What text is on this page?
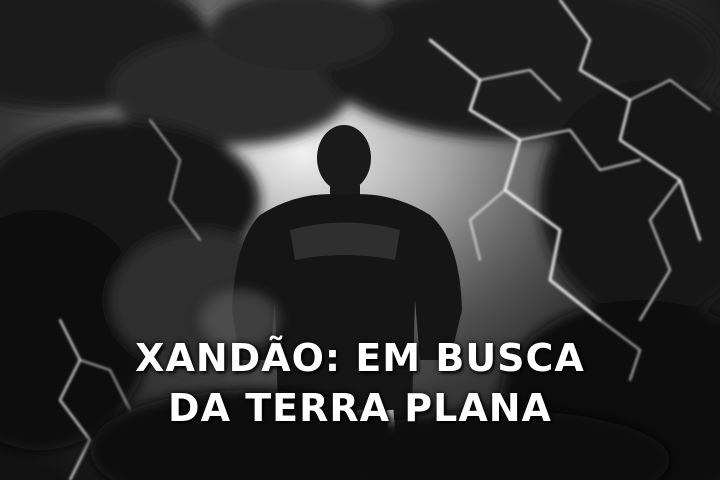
XANDÃO: EM BUSCA
DA TERRA PLANA
